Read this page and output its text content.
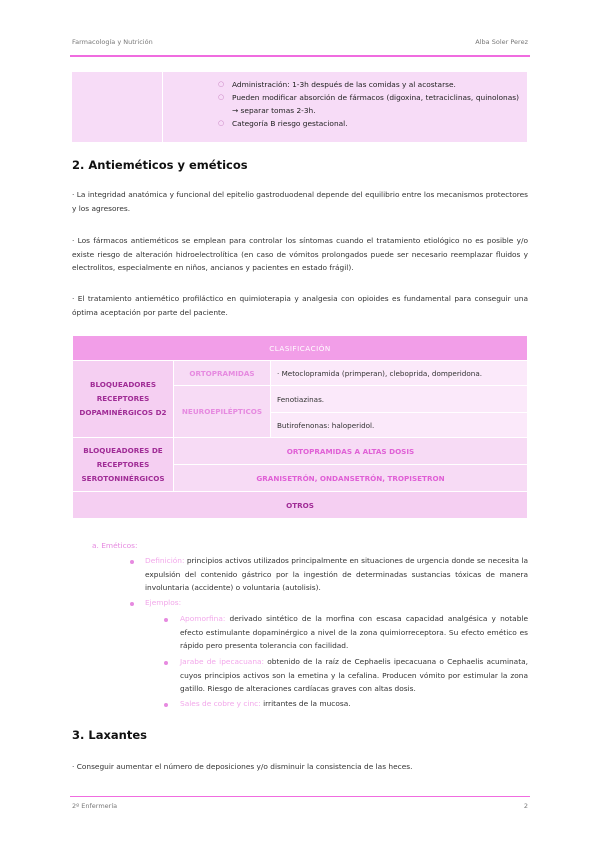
Farmacología y Nutrición	Alba Soler Perez
○ Administración: 1-3h después de las comidas y al acostarse.
○ Pueden modificar absorción de fármacos (digoxina, tetraciclinas, quinolonas) → separar tomas 2-3h.
○ Categoría B riesgo gestacional.
2. Antieméticos y eméticos

· La integridad anatómica y funcional del epitelio gastroduodenal depende del equilibrio entre los mecanismos protectores y los agresores.

· Los fármacos antieméticos se emplean para controlar los síntomas cuando el tratamiento etiológico no es posible y/o existe riesgo de alteración hidroelectrolítica (en caso de vómitos prolongados puede ser necesario reemplazar fluidos y electrolitos, especialmente en niños, ancianos y pacientes en estado frágil).

· El tratamiento antiemético profiláctico en quimioterapia y analgesia con opioides es fundamental para conseguir una óptima aceptación por parte del paciente.

CLASIFICACIÓN		
BLOQUEADORES RECEPTORES DOPAMINÉRGICOS D2	ORTOPRAMIDAS	· Metoclopramida (primperan), cleboprida, domperidona.
	NEUROEPILÉPTICOS	Fenotiazinas.
		Butirofenonas: haloperidol.
BLOQUEADORES DE RECEPTORES SEROTONINÉRGICOS	ORTOPRAMIDAS A ALTAS DOSIS	
	GRANISETRÓN, ONDANSETRÓN, TROPISETRON	
OTROS		
a. Eméticos:
Definición: principios activos utilizados principalmente en situaciones de urgencia donde se necesita la expulsión del contenido gástrico por la ingestión de determinadas sustancias tóxicas de manera involuntaria (accidente) o voluntaria (autolisis).
Ejemplos:
Apomorfina: derivado sintético de la morfina con escasa capacidad analgésica y notable efecto estimulante dopaminérgico a nivel de la zona quimiorreceptora. Su efecto emético es rápido pero presenta tolerancia con facilidad.
Jarabe de ipecacuana: obtenido de la raíz de Cephaelis ipecacuana o Cephaelis acuminata, cuyos principios activos son la emetina y la cefalina. Producen vómito por estimular la zona gatillo. Riesgo de alteraciones cardíacas graves con altas dosis.
Sales de cobre y cinc: irritantes de la mucosa.
3. Laxantes

· Conseguir aumentar el número de deposiciones y/o disminuir la consistencia de las heces.

2º Enfermería	2
